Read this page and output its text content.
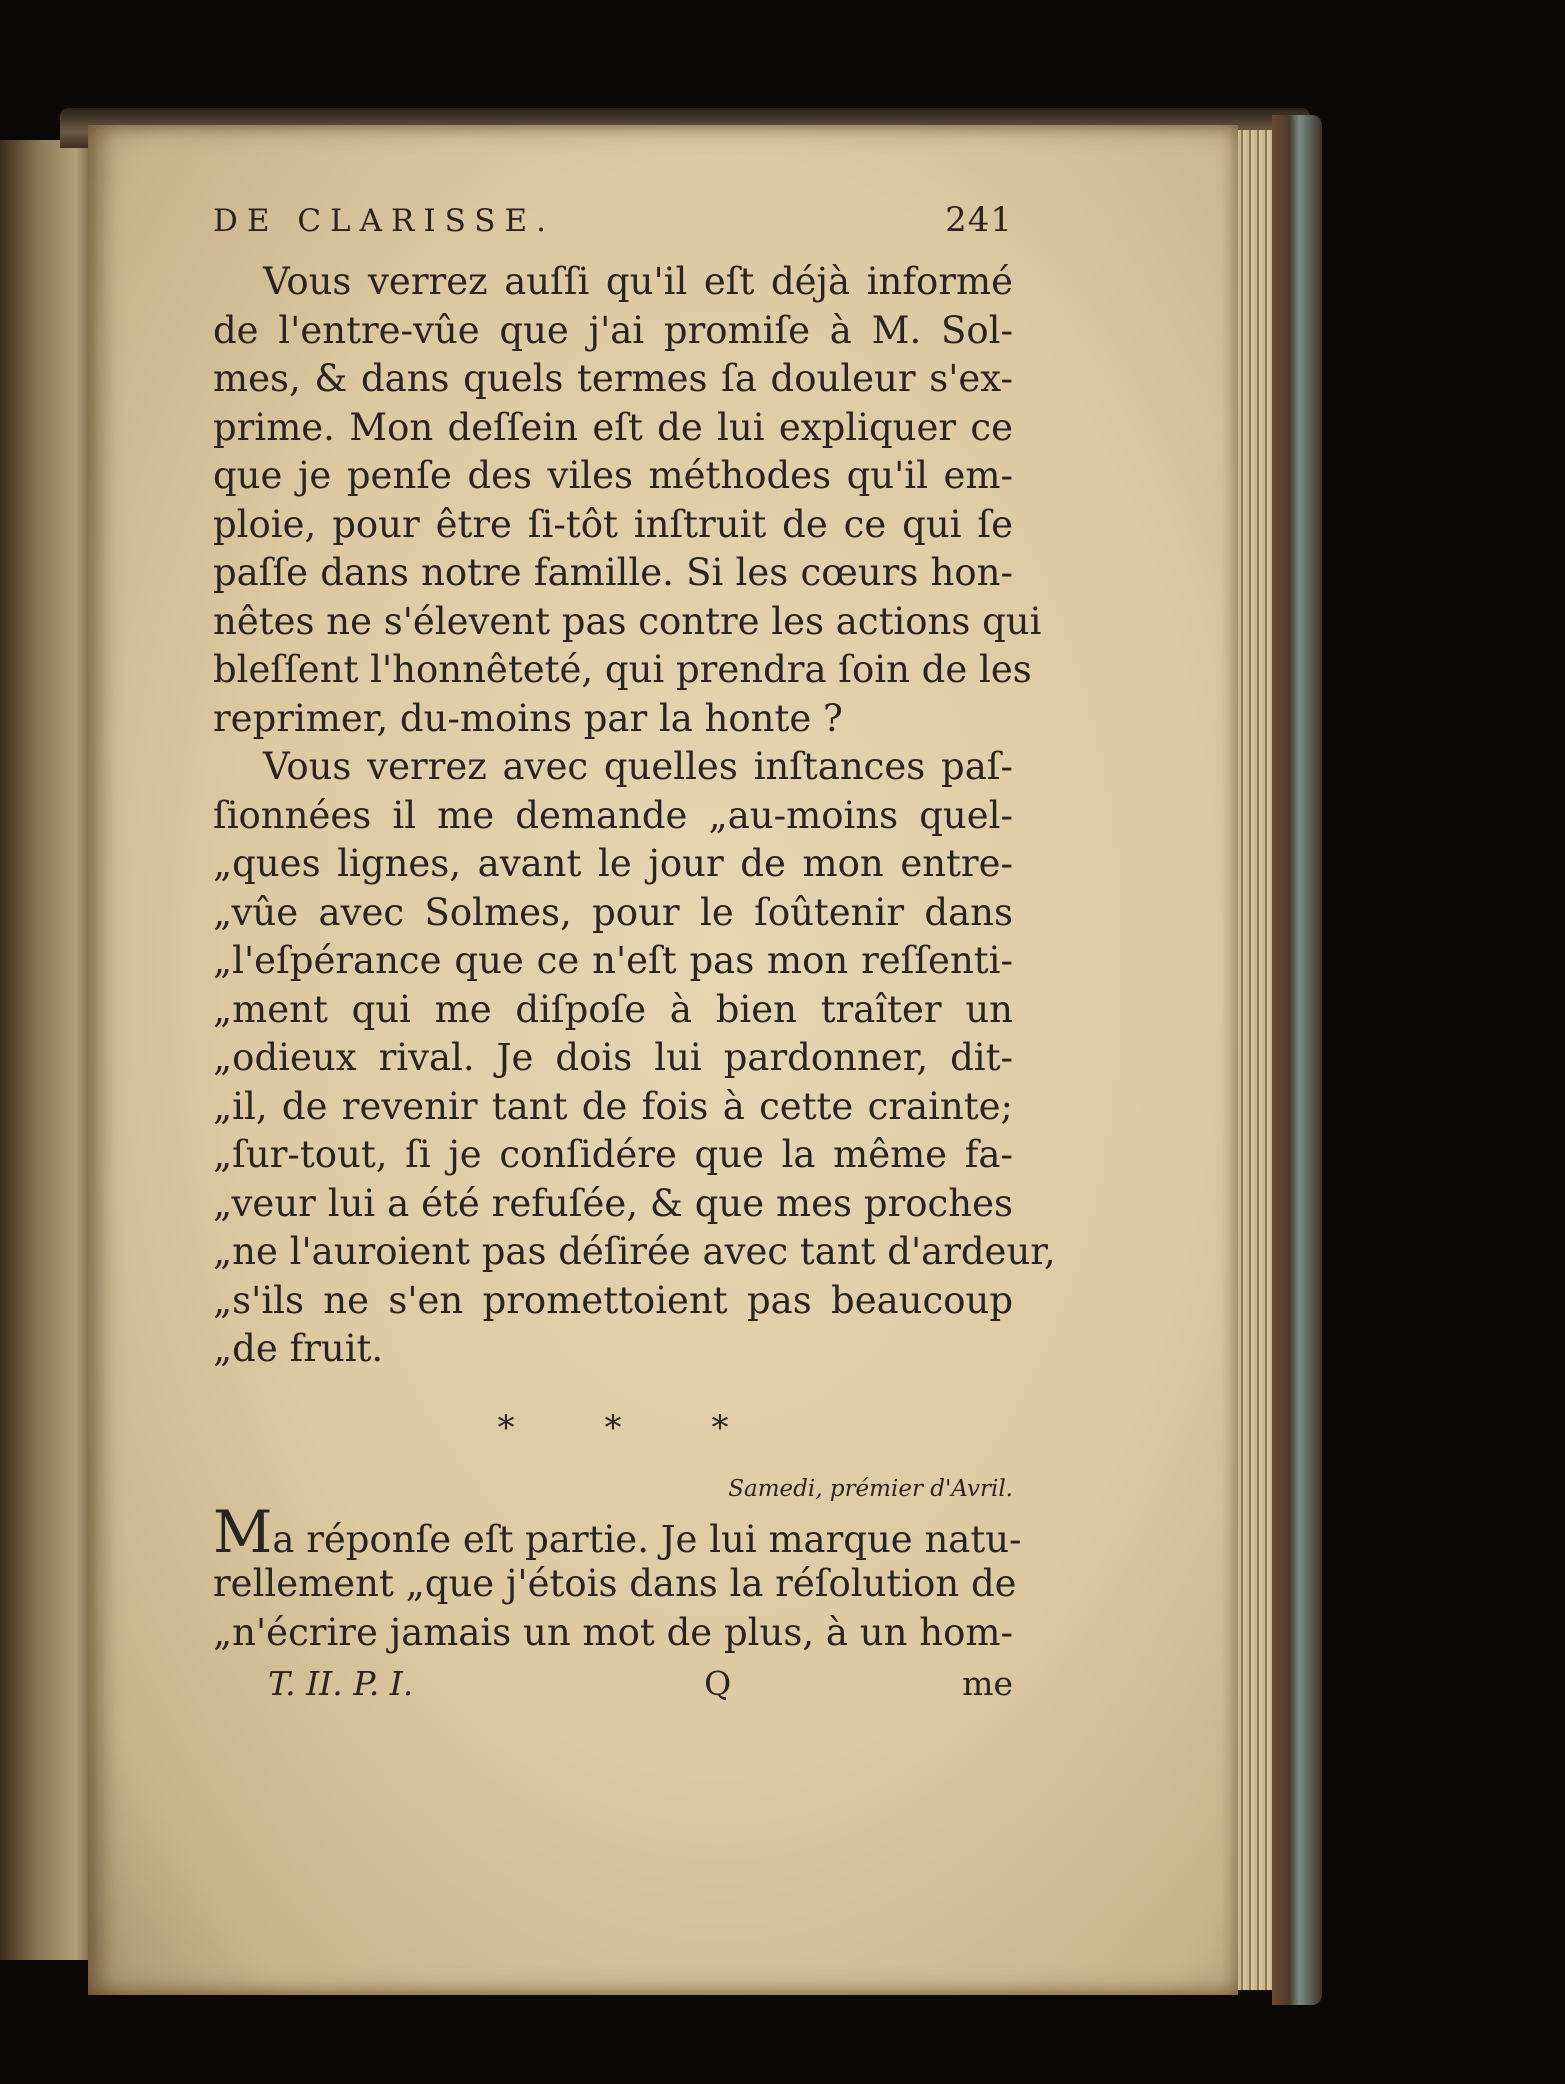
DE CLARISSE.	241
Vous verrez auſſi qu'il eſt déjà informé
de l'entre-vûe que j'ai promiſe à M. Sol-
mes, & dans quels termes ſa douleur s'ex-
prime. Mon deſſein eſt de lui expliquer ce
que je penſe des viles méthodes qu'il em-
ploie, pour être ſi-tôt inſtruit de ce qui ſe
paſſe dans notre famille. Si les cœurs hon-
nêtes ne s'élevent pas contre les actions qui
bleſſent l'honnêteté, qui prendra ſoin de les
reprimer, du-moins par la honte ?
Vous verrez avec quelles inſtances paſ-
ſionnées il me demande „au-moins quel-
„ques lignes, avant le jour de mon entre-
„vûe avec Solmes, pour le ſoûtenir dans
„l'eſpérance que ce n'eſt pas mon reſſenti-
„ment qui me diſpoſe à bien traîter un
„odieux rival. Je dois lui pardonner, dit-
„il, de revenir tant de fois à cette crainte;
„ſur-tout, ſi je conſidére que la même fa-
„veur lui a été refuſée, & que mes proches
„ne l'auroient pas déſirée avec tant d'ardeur,
„s'ils ne s'en promettoient pas beaucoup
„de fruit.
*	*	*
Samedi, prémier d'Avril.
Ma réponſe eſt partie. Je lui marque natu-
rellement „que j'étois dans la réſolution de
„n'écrire jamais un mot de plus, à un hom-
T. II. P. I.	Q	me
